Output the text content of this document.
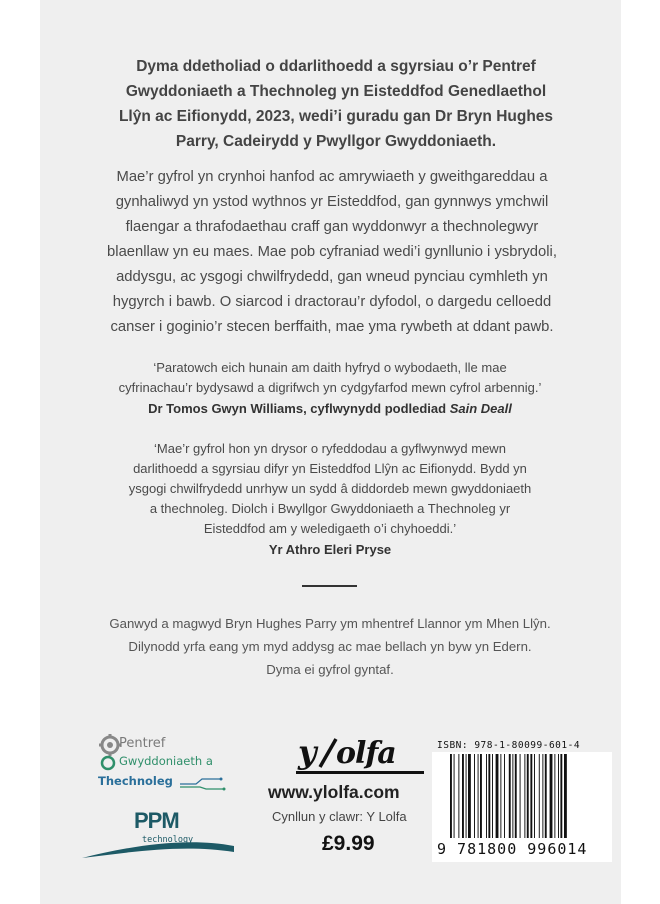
Dyma ddetholiad o ddarlithoedd a sgyrsiau o’r Pentref

Gwyddoniaeth a Thechnoleg yn Eisteddfod Genedlaethol

Llŷn ac Eifionydd, 2023, wedi’i guradu gan Dr Bryn Hughes

Parry, Cadeirydd y Pwyllgor Gwyddoniaeth.

Mae’r gyfrol yn crynhoi hanfod ac amrywiaeth y gweithgareddau a

gynhaliwyd yn ystod wythnos yr Eisteddfod, gan gynnwys ymchwil

flaengar a thrafodaethau craff gan wyddonwyr a thechnolegwyr

blaenllaw yn eu maes. Mae pob cyfraniad wedi’i gynllunio i ysbrydoli,

addysgu, ac ysgogi chwilfrydedd, gan wneud pynciau cymhleth yn

hygyrch i bawb. O siarcod i dractorau’r dyfodol, o dargedu celloedd

canser i goginio’r stecen berffaith, mae yma rywbeth at ddant pawb.

‘Paratowch eich hunain am daith hyfryd o wybodaeth, lle mae

cyfrinachau’r bydysawd a digrifwch yn cydgyfarfod mewn cyfrol arbennig.’

Dr Tomos Gwyn Williams, cyflwynydd podlediad Sain Deall

‘Mae’r gyfrol hon yn drysor o ryfeddodau a gyflwynwyd mewn

darlithoedd a sgyrsiau difyr yn Eisteddfod Llŷn ac Eifionydd. Bydd yn

ysgogi chwilfrydedd unrhyw un sydd â diddordeb mewn gwyddoniaeth

a thechnoleg. Diolch i Bwyllgor Gwyddoniaeth a Thechnoleg yr

Eisteddfod am y weledigaeth o’i chyhoeddi.’

Yr Athro Eleri Pryse

Ganwyd a magwyd Bryn Hughes Parry ym mhentref Llannor ym Mhen Llŷn.

Dilynodd yrfa eang ym myd addysg ac mae bellach yn byw yn Edern.

Dyma ei gyfrol gyntaf.

Pentref
Gwyddoniaeth a
Thechnoleg
PPM
technology
y olfa
www.ylolfa.com
Cynllun y clawr: Y Lolfa
£9.99
ISBN: 978-1-80099-601-4
9 781800 996014
